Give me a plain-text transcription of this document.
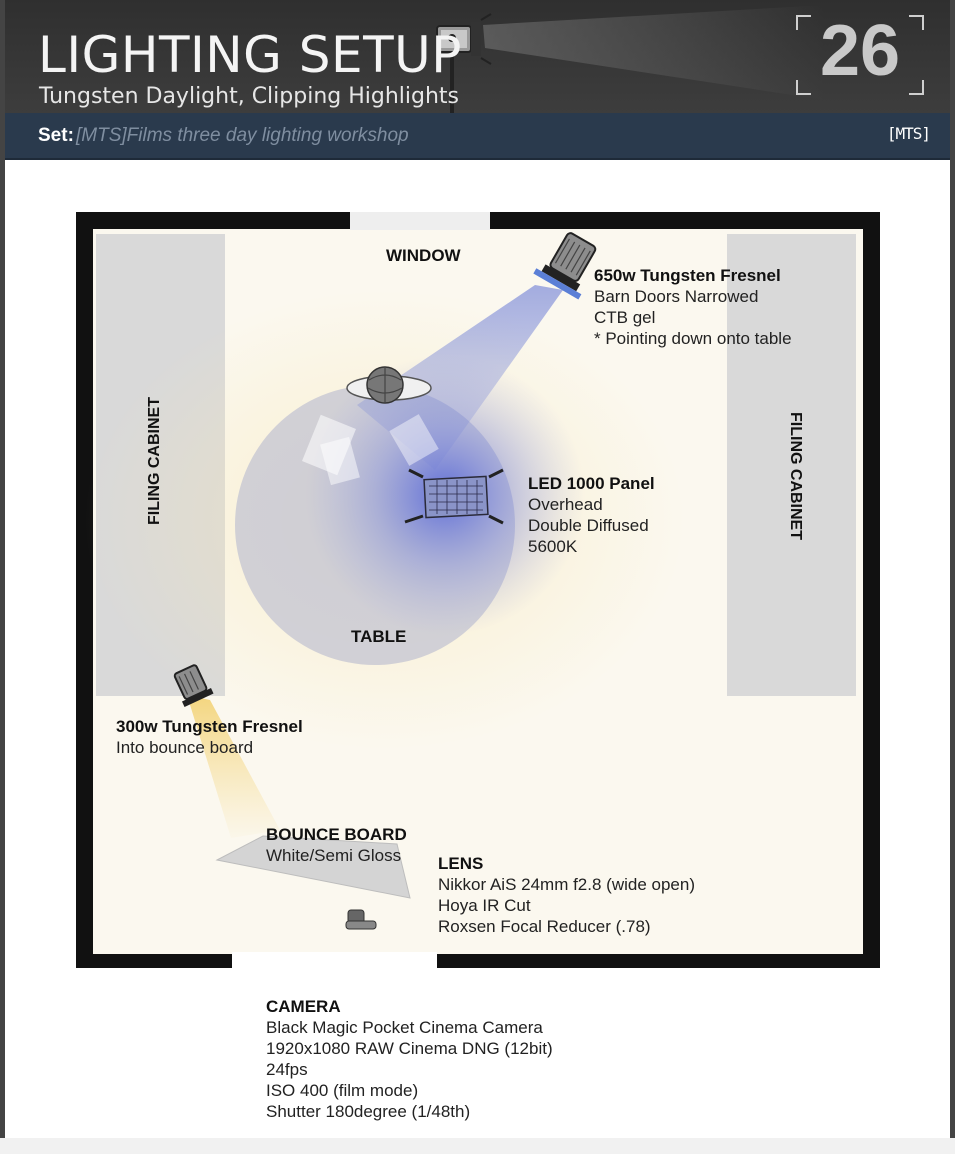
LIGHTING SETUP
Tungsten Daylight, Clipping Highlights
26
Set: [MTS]Films three day lighting workshop	[MTS]
WINDOW
FILING CABINET	FILING CABINET
TABLE
650w Tungsten Fresnel
Barn Doors Narrowed
CTB gel
* Pointing down onto table
LED 1000 Panel
Overhead
Double Diffused
5600K
300w Tungsten Fresnel
Into bounce board
BOUNCE BOARD
White/Semi Gloss	LENS
Nikkor AiS 24mm f2.8 (wide open)
Hoya IR Cut
Roxsen Focal Reducer (.78)
CAMERA
Black Magic Pocket Cinema Camera
1920x1080 RAW Cinema DNG (12bit)
24fps
ISO 400 (film mode)
Shutter 180degree (1/48th)
